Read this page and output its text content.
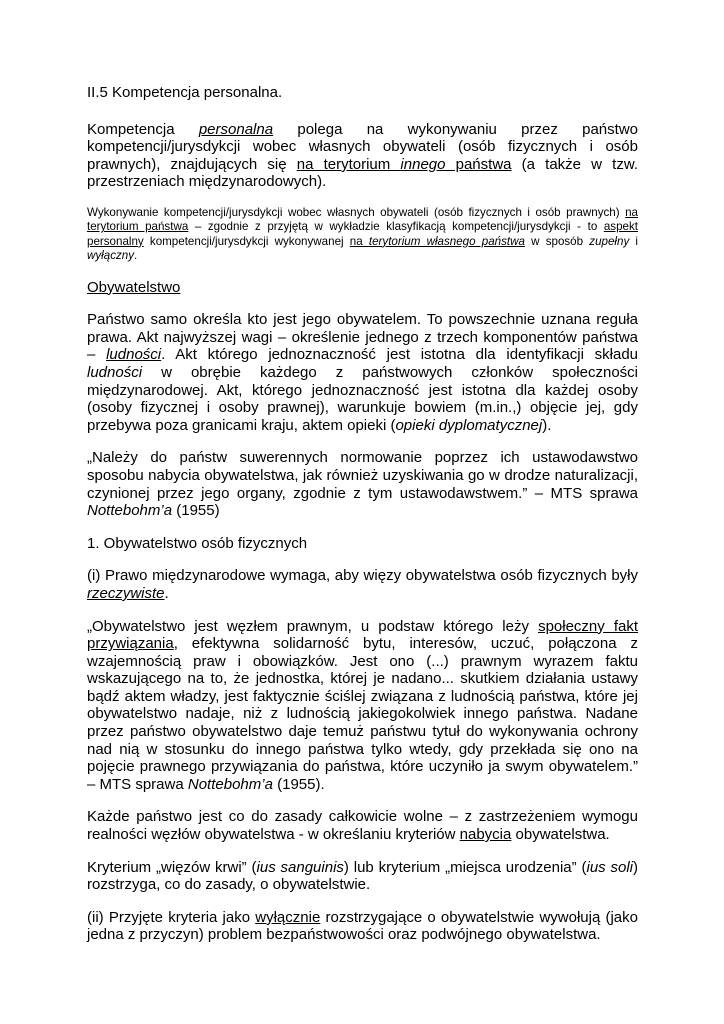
II.5 Kompetencja personalna.

Kompetencja personalna polega na wykonywaniu przez państwo kompetencji/jurysdykcji wobec własnych obywateli (osób fizycznych i osób prawnych), znajdujących się na terytorium innego państwa (a także w tzw. przestrzeniach międzynarodowych).

Wykonywanie kompetencji/jurysdykcji wobec własnych obywateli (osób fizycznych i osób prawnych) na terytorium państwa – zgodnie z przyjętą w wykładzie klasyfikacją kompetencji/jurysdykcji - to aspekt personalny kompetencji/jurysdykcji wykonywanej na terytorium własnego państwa w sposób zupełny i wyłączny.

Obywatelstwo

Państwo samo określa kto jest jego obywatelem. To powszechnie uznana reguła prawa. Akt najwyższej wagi – określenie jednego z trzech komponentów państwa – ludności. Akt którego jednoznaczność jest istotna dla identyfikacji składu ludności w obrębie każdego z państwowych członków społeczności międzynarodowej. Akt, którego jednoznaczność jest istotna dla każdej osoby (osoby fizycznej i osoby prawnej), warunkuje bowiem (m.in.,) objęcie jej, gdy przebywa poza granicami kraju, aktem opieki (opieki dyplomatycznej).

„Należy do państw suwerennych normowanie poprzez ich ustawodawstwo sposobu nabycia obywatelstwa, jak również uzyskiwania go w drodze naturalizacji, czynionej przez jego organy, zgodnie z tym ustawodawstwem.” – MTS sprawa Nottebohm’a (1955)

1. Obywatelstwo osób fizycznych

(i) Prawo międzynarodowe wymaga, aby więzy obywatelstwa osób fizycznych były rzeczywiste.

„Obywatelstwo jest węzłem prawnym, u podstaw którego leży społeczny fakt przywiązania, efektywna solidarność bytu, interesów, uczuć, połączona z wzajemnością praw i obowiązków. Jest ono (...) prawnym wyrazem faktu wskazującego na to, że jednostka, której je nadano... skutkiem działania ustawy bądź aktem władzy, jest faktycznie ściślej związana z ludnością państwa, które jej obywatelstwo nadaje, niż z ludnością jakiegokolwiek innego państwa. Nadane przez państwo obywatelstwo daje temuż państwu tytuł do wykonywania ochrony nad nią w stosunku do innego państwa tylko wtedy, gdy przekłada się ono na pojęcie prawnego przywiązania do państwa, które uczyniło ja swym obywatelem.” – MTS sprawa Nottebohm’a (1955).

Każde państwo jest co do zasady całkowicie wolne – z zastrzeżeniem wymogu realności węzłów obywatelstwa - w określaniu kryteriów nabycia obywatelstwa.

Kryterium „więzów krwi” (ius sanguinis) lub kryterium „miejsca urodzenia” (ius soli) rozstrzyga, co do zasady, o obywatelstwie.

(ii) Przyjęte kryteria jako wyłącznie rozstrzygające o obywatelstwie wywołują (jako jedna z przyczyn) problem bezpaństwowości oraz podwójnego obywatelstwa.
